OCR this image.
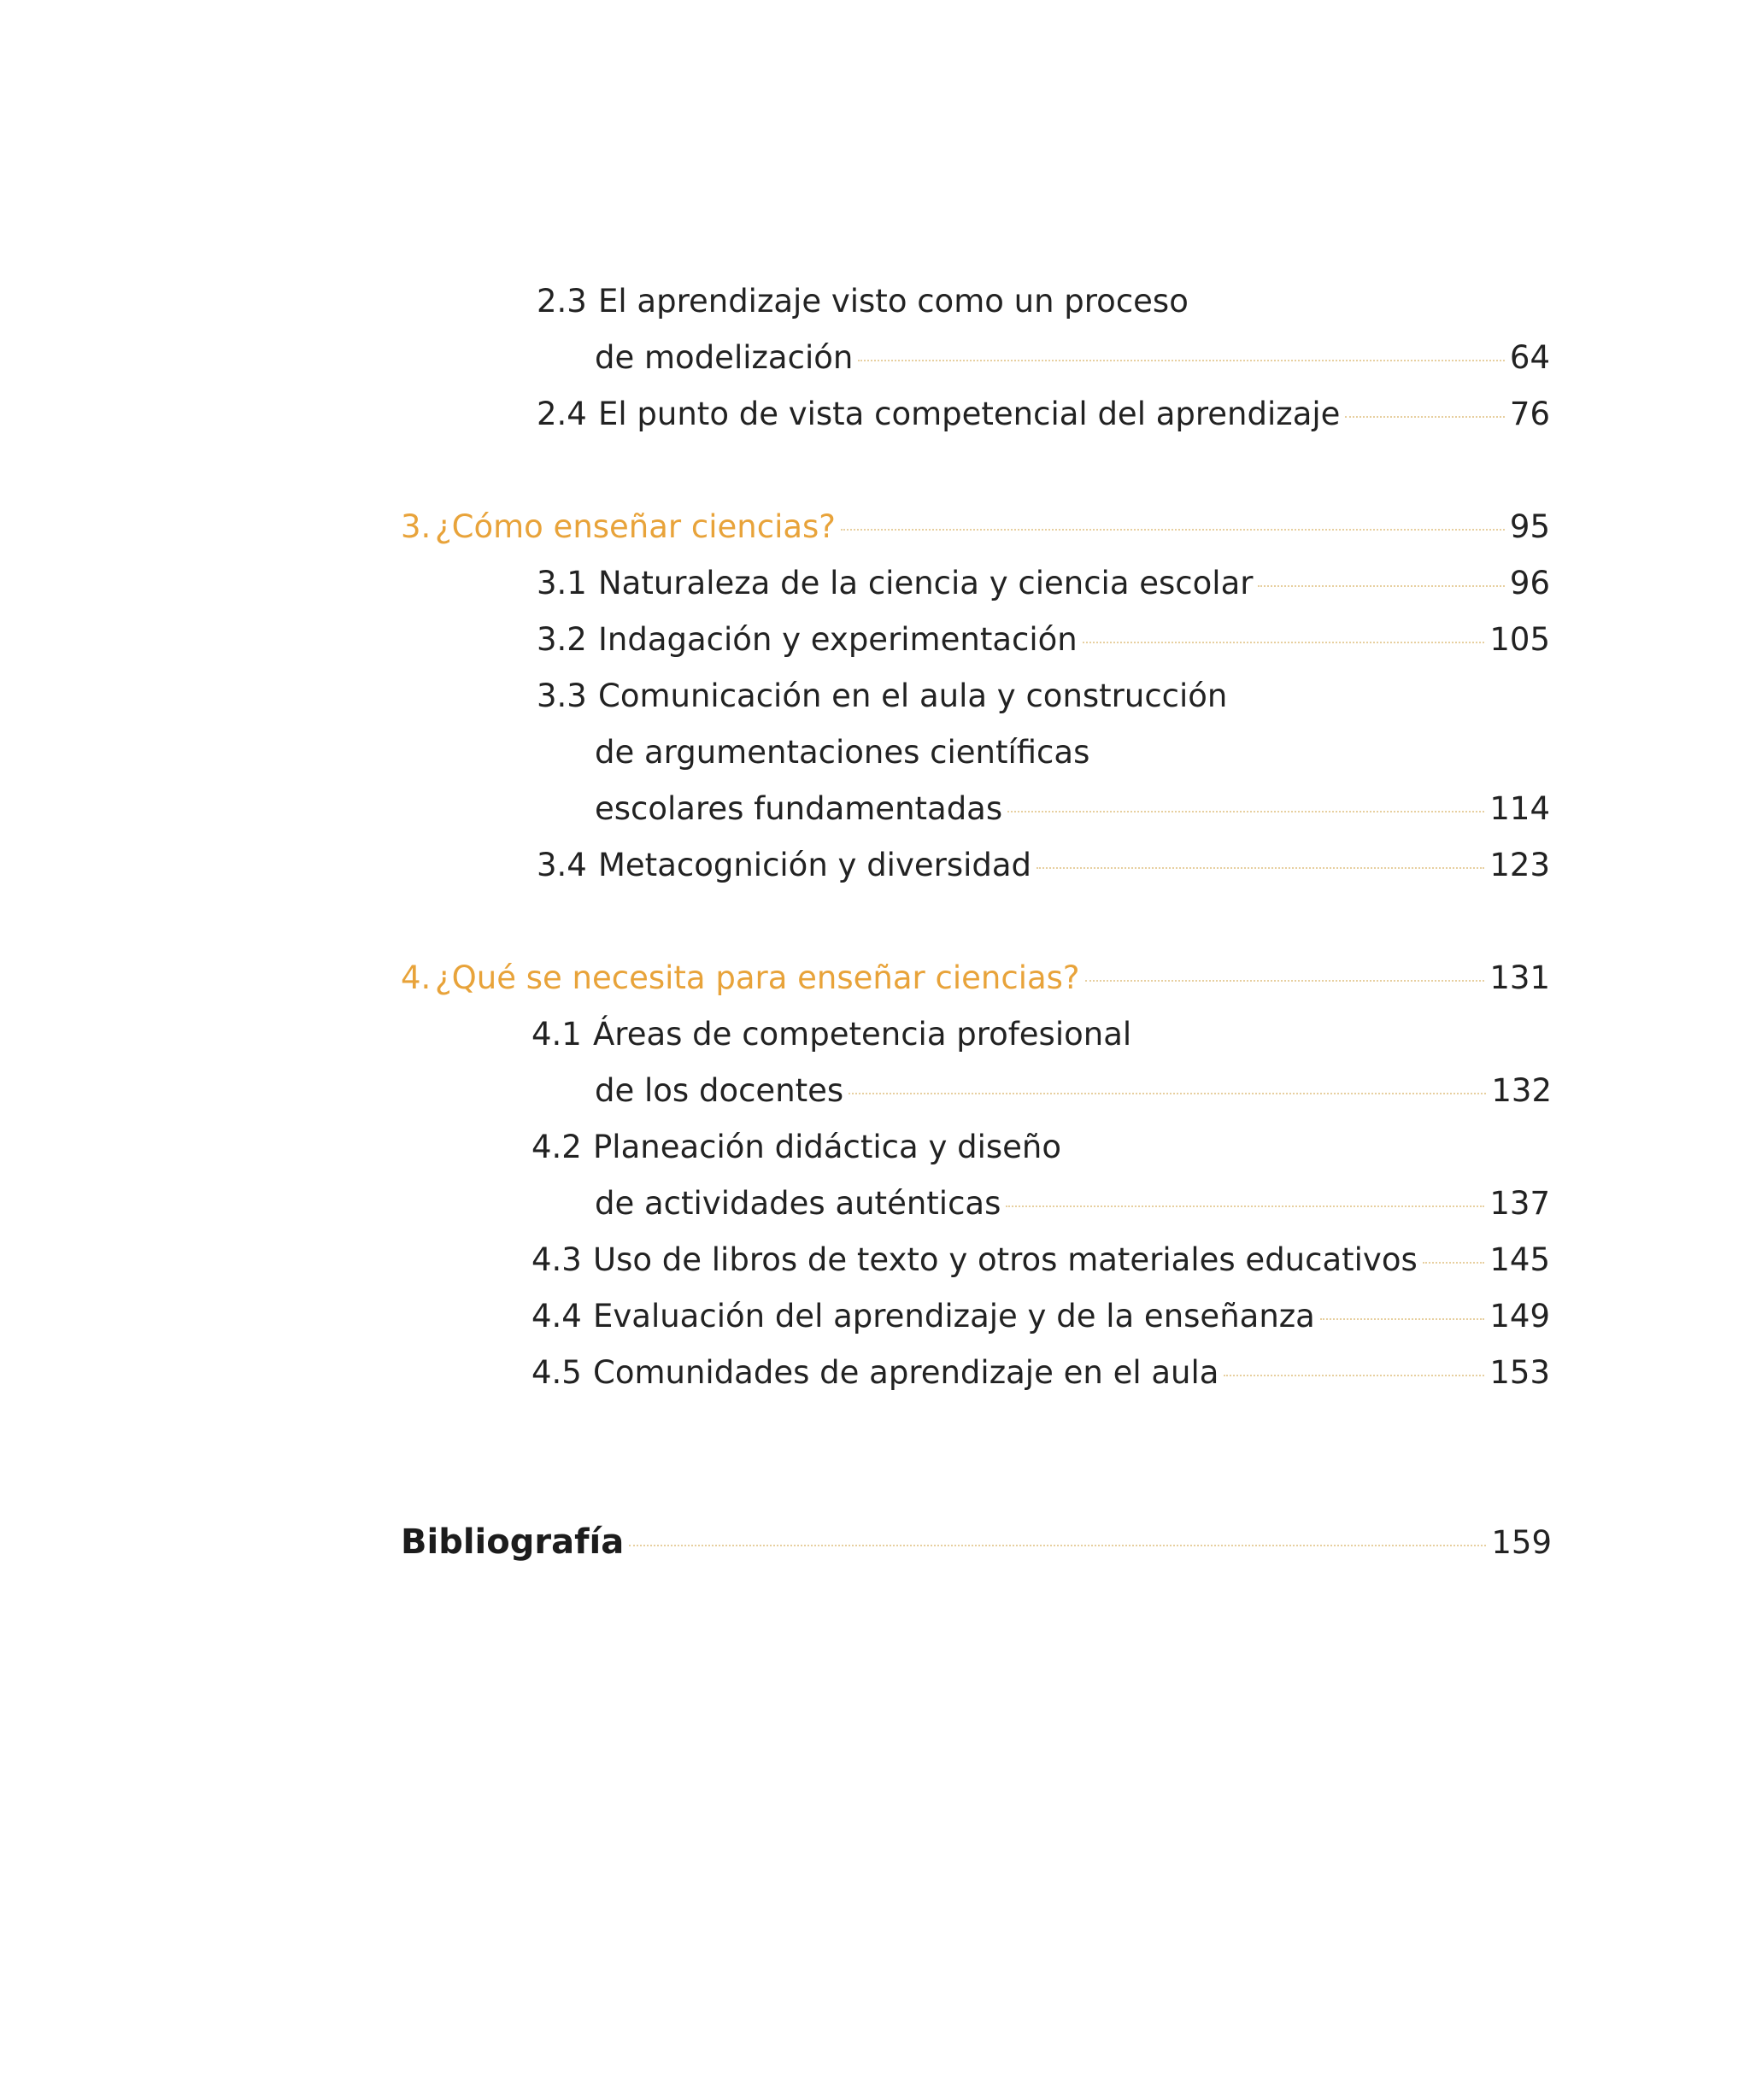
2.3 El aprendizaje visto como un proceso
de modelización	64
2.4 El punto de vista competencial del aprendizaje	76
3. ¿Cómo enseñar ciencias?	95
3.1 Naturaleza de la ciencia y ciencia escolar	96
3.2 Indagación y experimentación	105
3.3 Comunicación en el aula y construcción
de argumentaciones científicas
escolares fundamentadas	114
3.4 Metacognición y diversidad	123
4. ¿Qué se necesita para enseñar ciencias?	131
4.1 Áreas de competencia profesional
de los docentes	132
4.2 Planeación didáctica y diseño
de actividades auténticas	137
4.3 Uso de libros de texto y otros materiales educativos 145
4.4 Evaluación del aprendizaje y de la enseñanza	149
4.5 Comunidades de aprendizaje en el aula	153
Bibliografía	159
